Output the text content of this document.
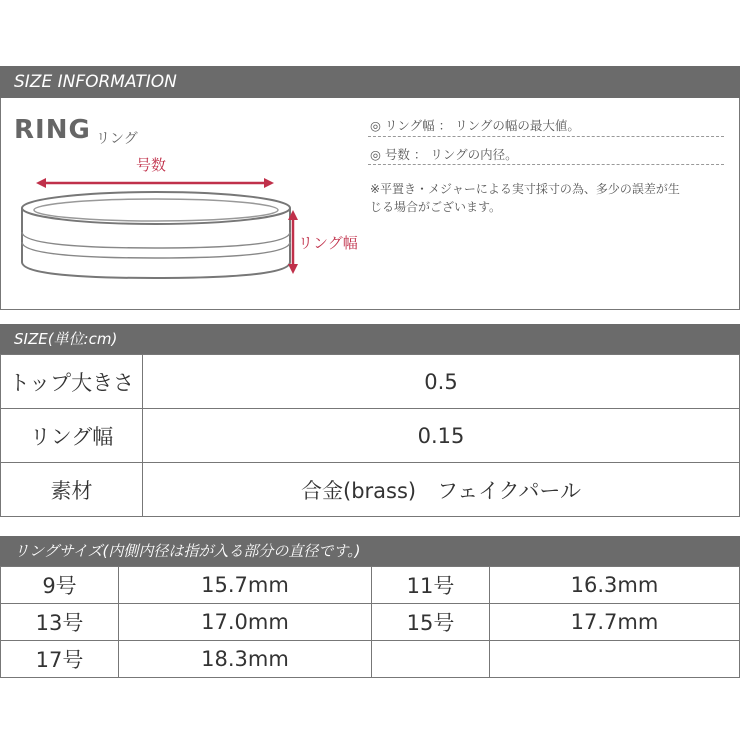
SIZE INFORMATION
RING リング
号数
リング幅
◎ リング幅 ： リングの幅の最大値。
◎ 号数 ： リングの内径。
※平置き・メジャーによる実寸採寸の為、多少の誤差が生
じる場合がございます。
SIZE(単位:cm)
トップ大きさ	0.5
リング幅	0.15
素材	合金(brass)　フェイクパール
リングサイズ(内側内径は指が入る部分の直径です。)
9号	15.7mm	11号	16.3mm
13号	17.0mm	15号	17.7mm
17号	18.3mm		
